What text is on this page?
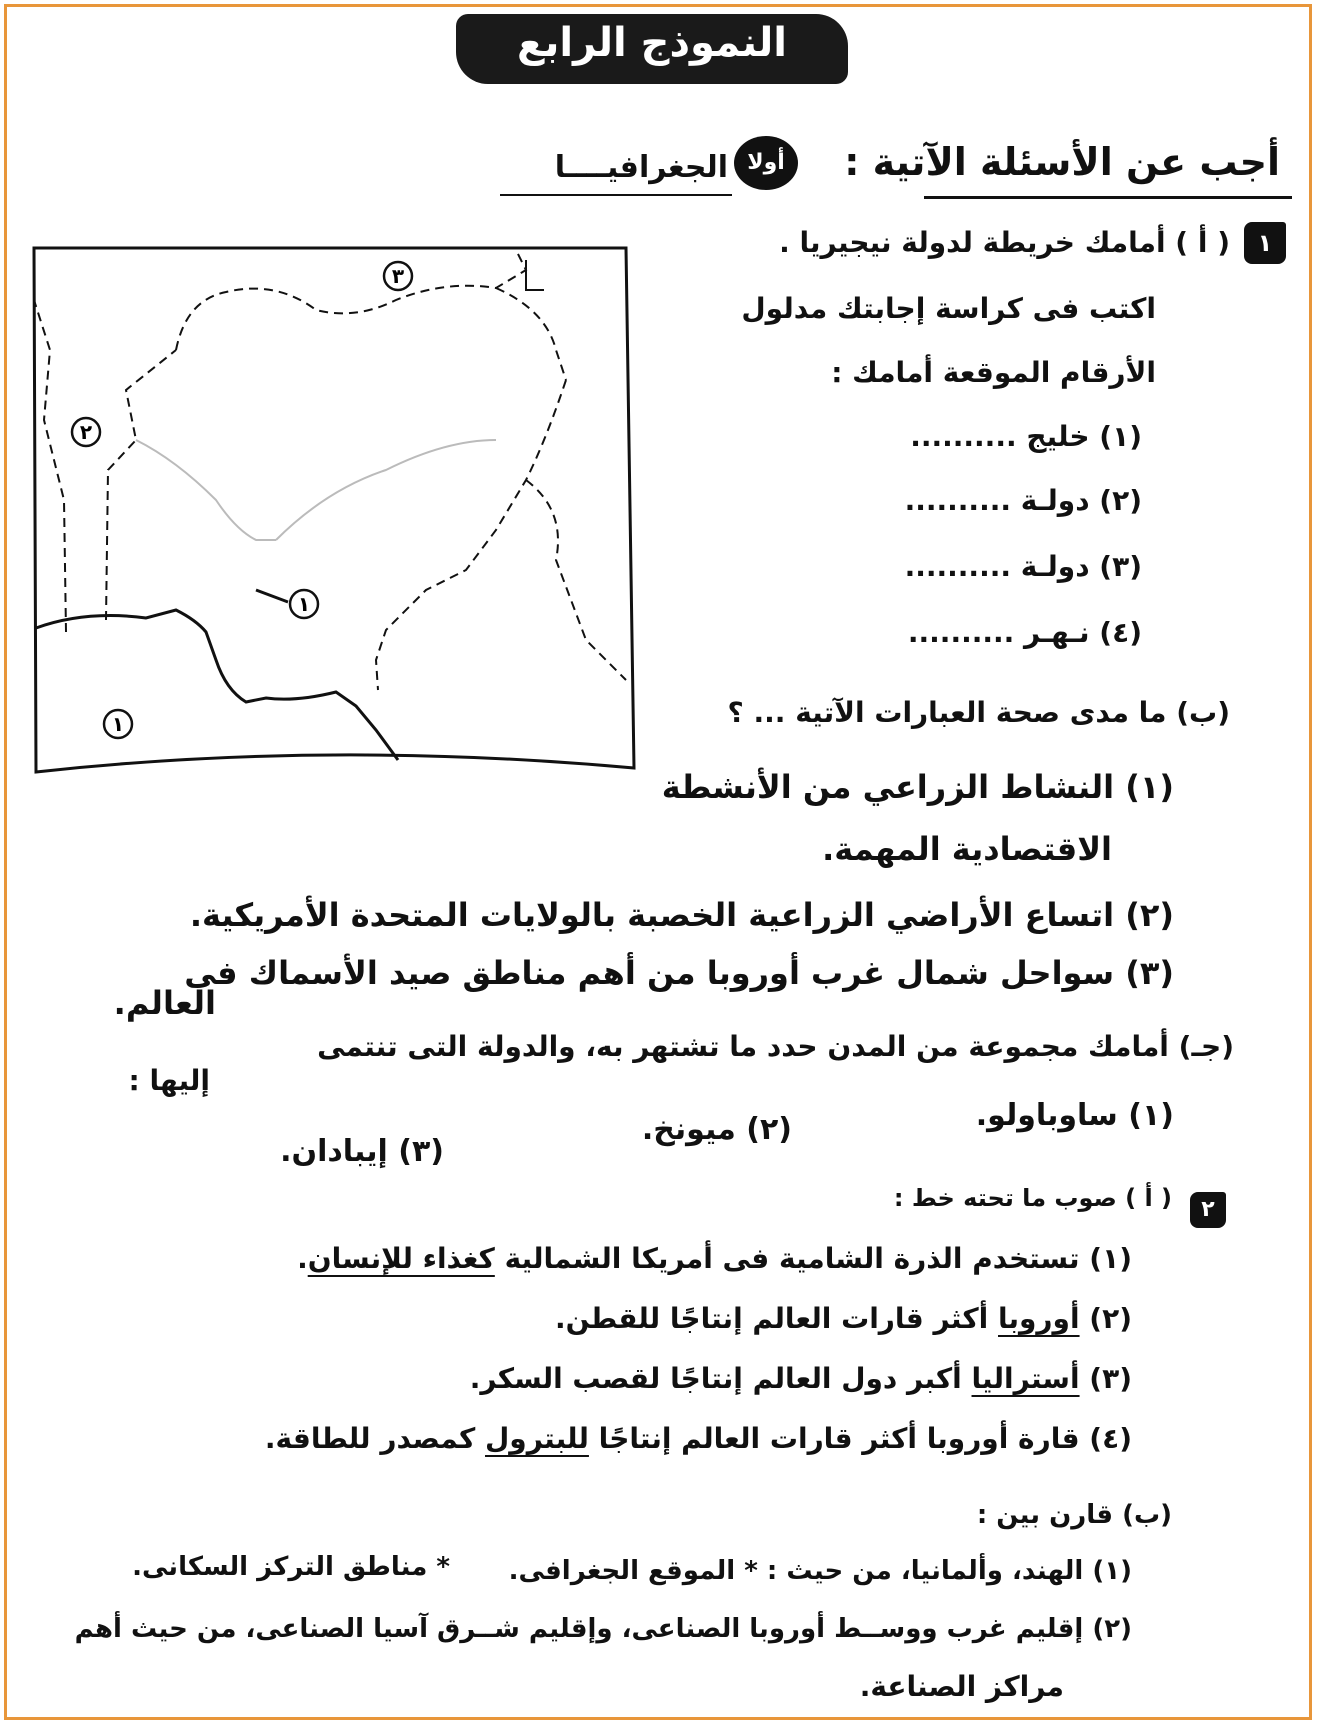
النموذج الرابع
أجب عن الأسئلة الآتية :
أولا
الجغرافيــــا
٣
٢
١
١
١
( أ ) أمامك خريطة لدولة نيجيريا .
اكتب فى كراسة إجابتك مدلول
الأرقام الموقعة أمامك :
(١) خليج ..........
(٢) دولـة ..........
(٣) دولـة ..........
(٤) نـهـر ..........
(ب) ما مدى صحة العبارات الآتية ... ؟
(١) النشاط الزراعي من الأنشطة
الاقتصادية المهمة.
(٢) اتساع الأراضي الزراعية الخصبة بالولايات المتحدة الأمريكية.
(٣) سواحل شمال غرب أوروبا من أهم مناطق صيد الأسماك فى
العالم.
(جـ) أمامك مجموعة من المدن حدد ما تشتهر به، والدولة التى تنتمى
إليها :
(١) ساوباولو.
(٢) ميونخ.
(٣) إيبادان.
٢
( أ ) صوب ما تحته خط :
(١) تستخدم الذرة الشامية فى أمريكا الشمالية كغذاء للإنسان.
(٢) أوروبا أكثر قارات العالم إنتاجًا للقطن.
(٣) أستراليا أكبر دول العالم إنتاجًا لقصب السكر.
(٤) قارة أوروبا أكثر قارات العالم إنتاجًا للبترول كمصدر للطاقة.
(ب) قارن بين :
(١) الهند، وألمانيا، من حيث : * الموقع الجغرافى.
* مناطق التركز السكانى.
(٢) إقليم غرب ووســط أوروبا الصناعى، وإقليم شــرق آسيا الصناعى، من حيث أهم
مراكز الصناعة.
